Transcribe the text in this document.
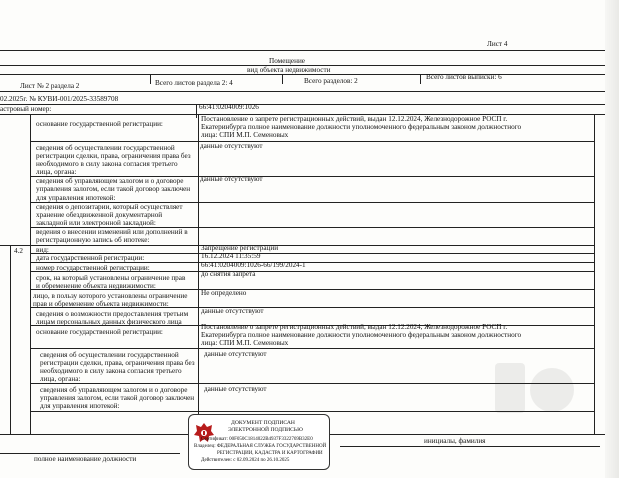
Лист 4
Помещение
вид объекта недвижимости
Лист № 2 раздела 2	Всего листов раздела 2: 4	Всего разделов: 2	Всего листов выписки: 6
02.2025г. № КУВИ-001/2025-33589708
астровый номер:	66:41:0204009:1026
основание государственной регистрации:
Постановление о запрете регистрационных действий, выдан 12.12.2024, Железнодорожное РОСП г.
Екатеринбурга полное наименование должности уполномоченного федеральным законом должностного
лица: СПИ М.П. Семеновых
сведения об осуществлении государственной
регистрации сделки, права, ограничения права без
необходимого в силу закона согласия третьего
лица, органа:
данные отсутствуют
сведения об управляющем залогом и о договоре
управления залогом, если такой договор заключен
для управления ипотекой:
данные отсутствуют
сведения о депозитарии, который осуществляет
хранение обездвиженной документарной
закладной или электронной закладной:
ведения о внесении изменений или дополнений в
регистрационную запись об ипотеке:
4.2 вид:	Запрещение регистрации
дата государственной регистрации:	16.12.2024 11:35:59
номер государственной регистрации:	66:41:0204009:1026-66/199/2024-1
срок, на который установлены ограничение прав
и обременение объекта недвижимости:
до снятия запрета
лицо, в пользу которого установлены ограничение
прав и обременение объекта недвижимости:
Не определено
сведения о возможности предоставления третьим
лицам персональных данных физического лица
данные отсутствуют
основание государственной регистрации:
Постановление о запрете регистрационных действий, выдан 12.12.2024, Железнодорожное РОСП г.
Екатеринбурга полное наименование должности уполномоченного федеральным законом должностного
лица: СПИ М.П. Семеновых
сведения об осуществлении государственной
регистрации сделки, права, ограничения права без
необходимого в силу закона согласия третьего
лица, органа:
данные отсутствуют
сведения об управляющем залогом и о договоре
управления залогом, если такой договор заключен
для управления ипотекой:
данные отсутствуют
полное наименование должности
инициалы, фамилия
ДОКУМЕНТ ПОДПИСАН
ЭЛЕКТРОННОЙ ПОДПИСЬЮ
Сертификат: 00F050C1814022B4937F3322769B32E0
Владелец: ФЕДЕРАЛЬНАЯ СЛУЖБА ГОСУДАРСТВЕННОЙ
РЕГИСТРАЦИИ, КАДАСТРА И КАРТОГРАФИИ
Действителен: с 02.09.2024 по 26.10.2025
